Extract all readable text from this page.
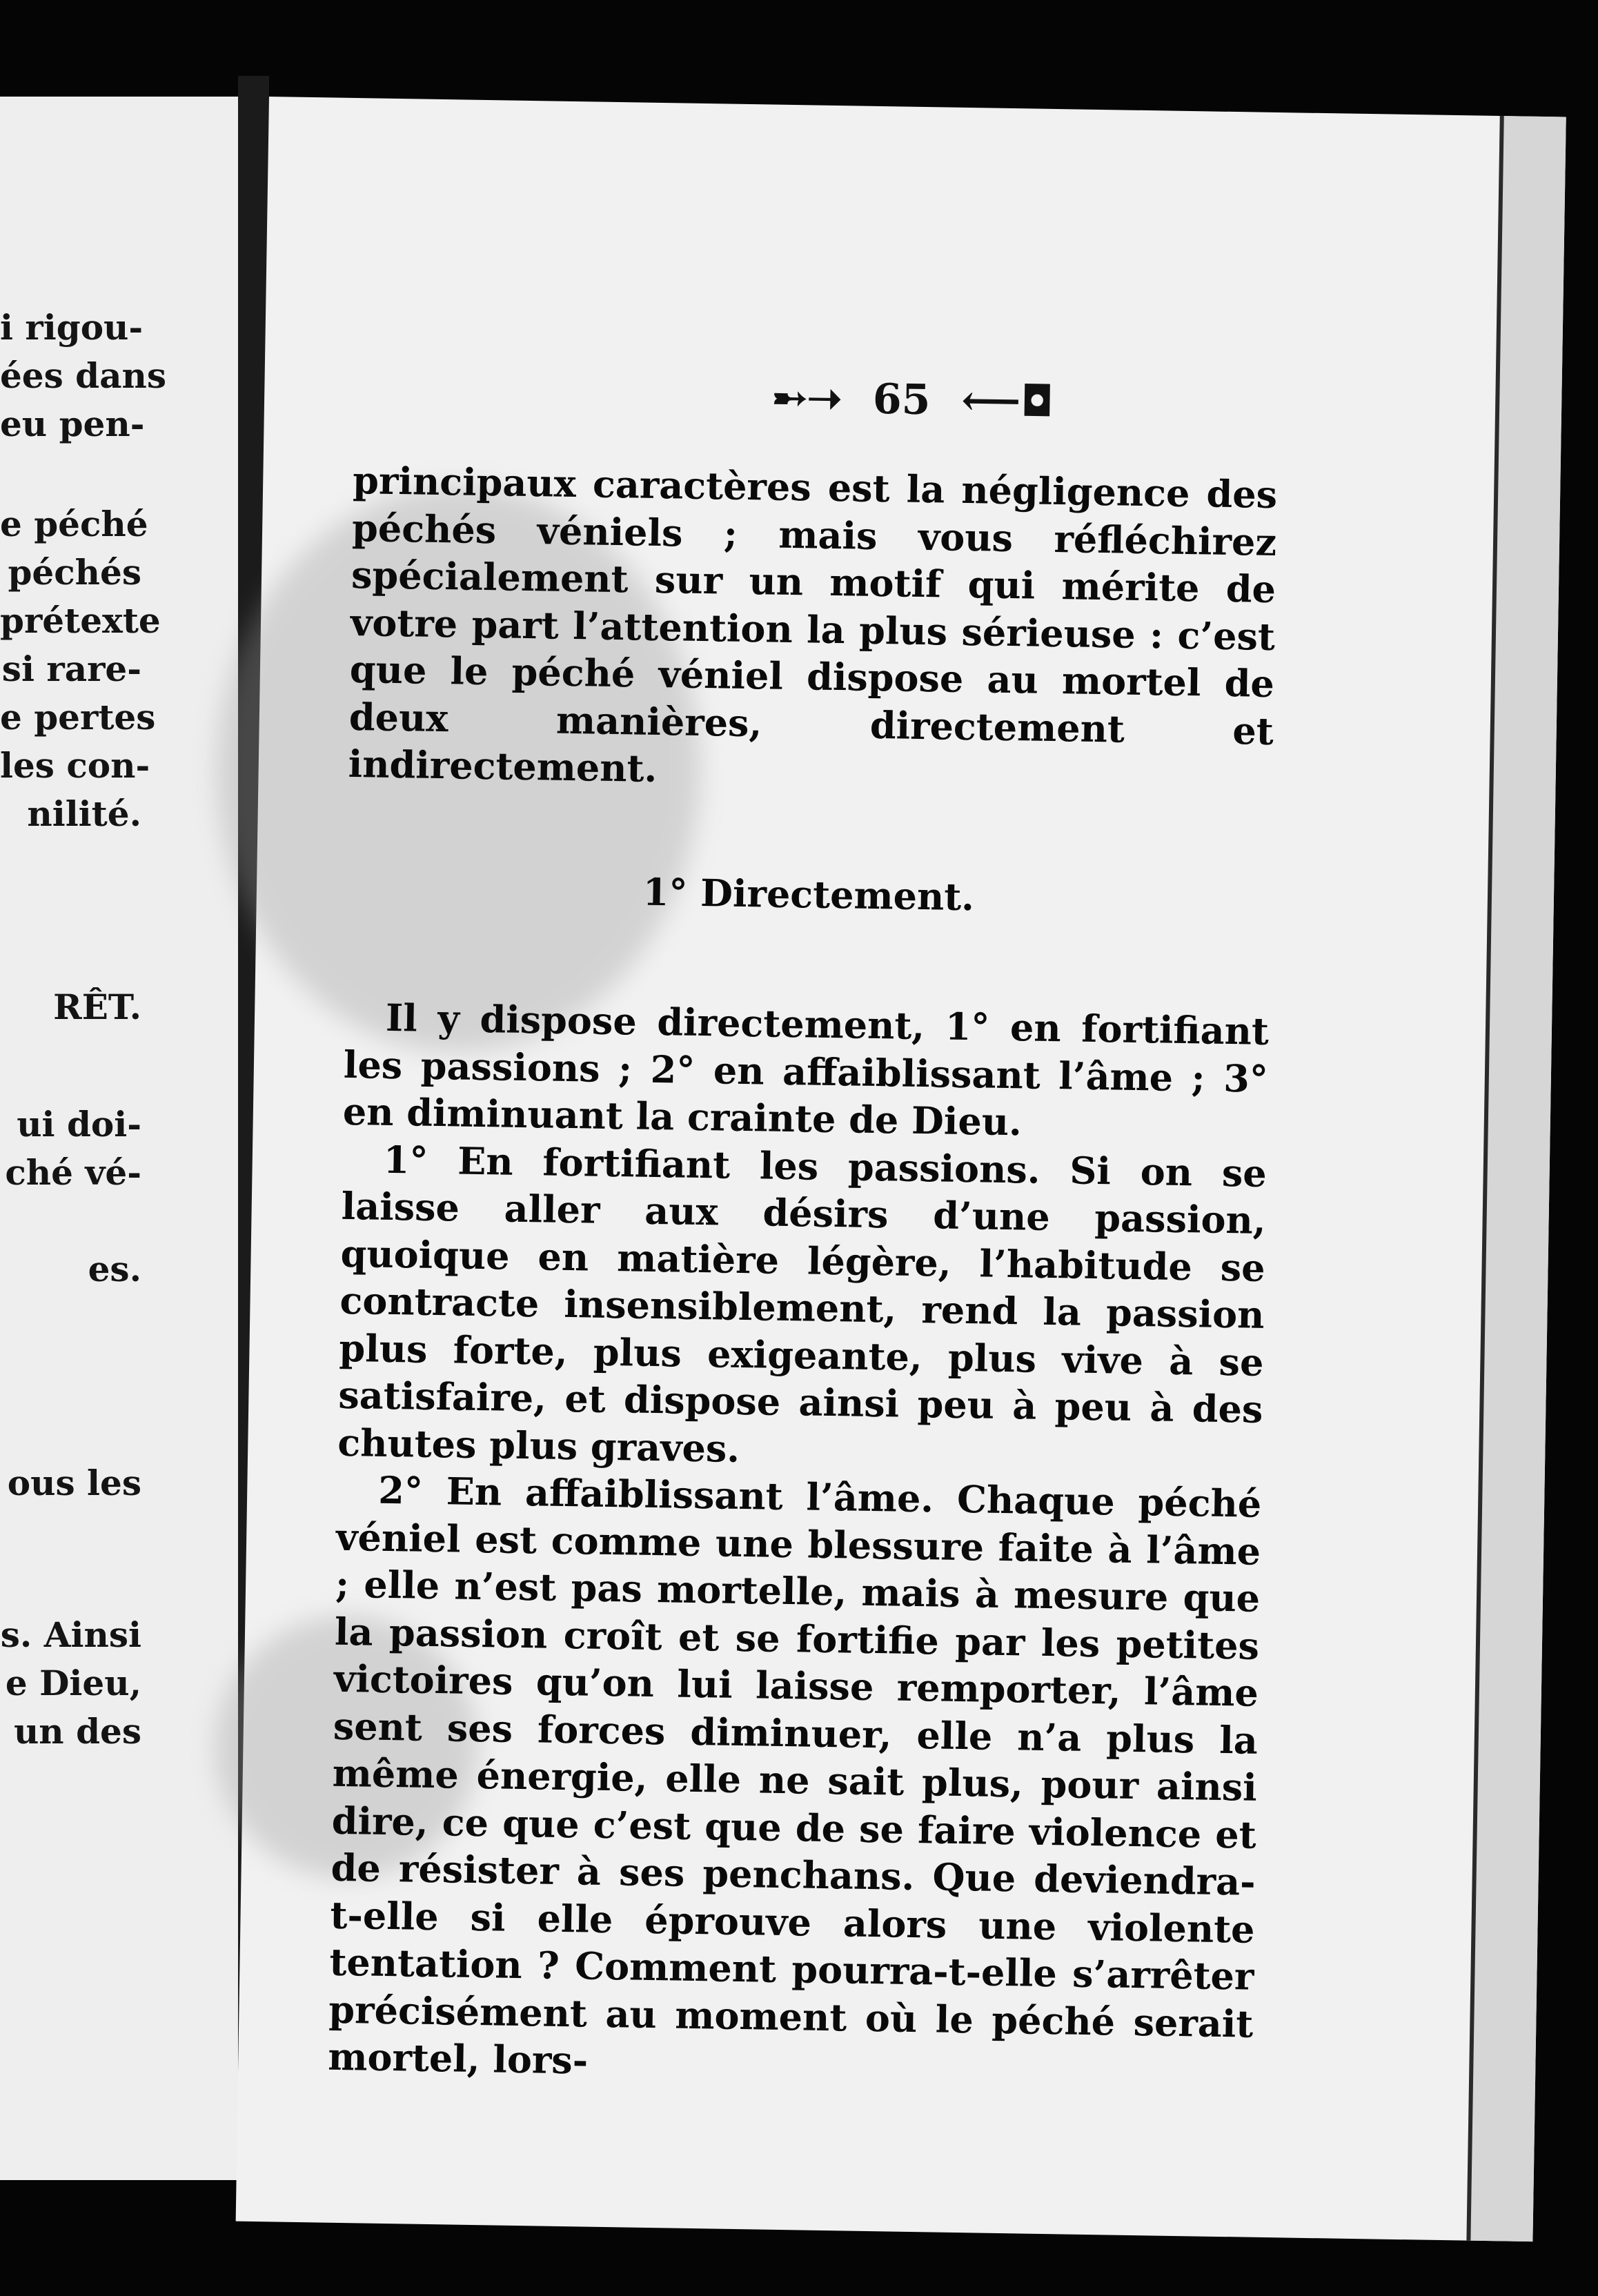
i rigou-
ées dans
eu pen-
e péché
péchés
prétexte
si rare-
e pertes
les con-
nilité.
RÊT.
ui doi-
ché vé-
es.
ous les
s. Ainsi
e Dieu,
un des
➸➝ 65 ⟵◘

principaux caractères est la négligence des péchés véniels ; mais vous réfléchirez spécialement sur un motif qui mérite de votre part l’attention la plus sérieuse : c’est que le péché véniel dispose au mortel de deux manières, directement et indirectement.

1° Directement.

Il y dispose directement, 1° en fortifiant les passions ; 2° en affaiblissant l’âme ; 3° en diminuant la crainte de Dieu.

1° En fortifiant les passions. Si on se laisse aller aux désirs d’une passion, quoique en matière légère, l’habitude se contracte insensiblement, rend la passion plus forte, plus exigeante, plus vive à se satisfaire, et dispose ainsi peu à peu à des chutes plus graves.

2° En affaiblissant l’âme. Chaque péché véniel est comme une blessure faite à l’âme ; elle n’est pas mortelle, mais à mesure que la passion croît et se fortifie par les petites victoires qu’on lui laisse remporter, l’âme sent ses forces diminuer, elle n’a plus la même énergie, elle ne sait plus, pour ainsi dire, ce que c’est que de se faire violence et de résister à ses penchans. Que deviendra-t-elle si elle éprouve alors une violente tentation ? Comment pourra-t-elle s’arrêter précisément au moment où le péché serait mortel, lors-
